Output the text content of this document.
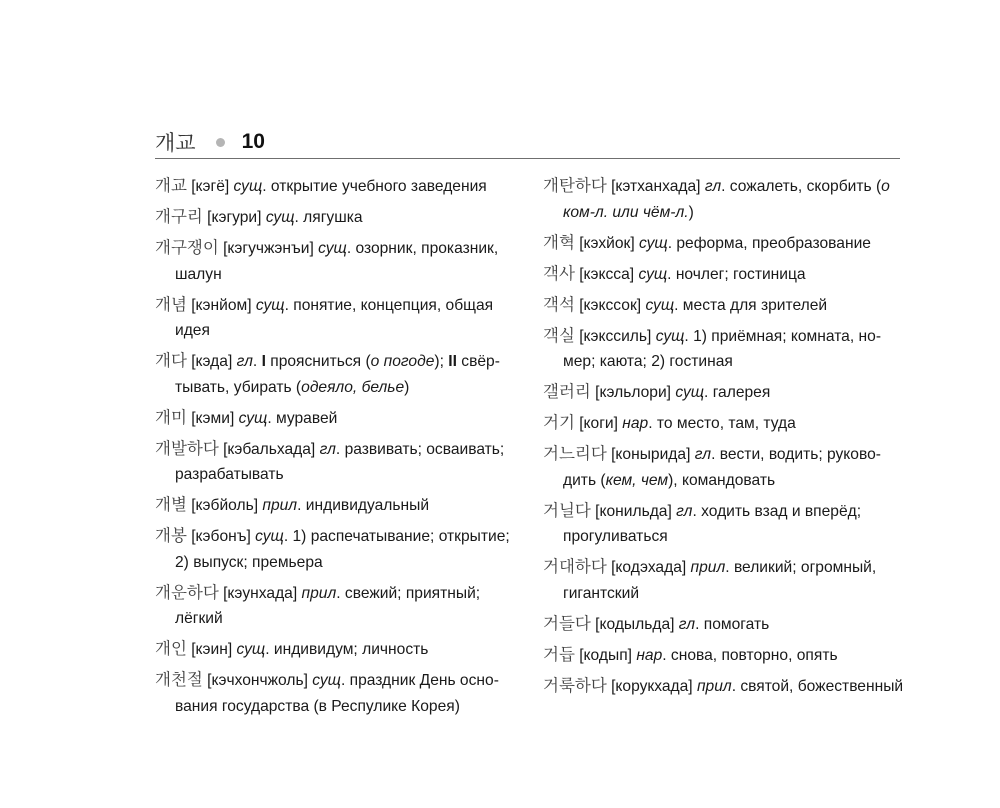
개교 10
개교 [кэгё] сущ. открытие учебного заведения
개구리 [кэгури] сущ. лягушка
개구쟁이 [кэгучжэнъи] сущ. озорник, проказник, шалун
개념 [кэнйом] сущ. понятие, концепция, общая идея
개다 [кэда] гл. I проясниться (о погоде); II свёртывать, убирать (одеяло, белье)
개미 [кэми] сущ. муравей
개발하다 [кэбальхада] гл. развивать; осваивать; разрабатывать
개별 [кэбйоль] прил. индивидуальный
개봉 [кэбонъ] сущ. 1) распечатывание; открытие; 2) выпуск; премьера
개운하다 [кэунхада] прил. свежий; приятный; лёгкий
개인 [кэин] сущ. индивидум; личность
개천절 [кэчхончжоль] сущ. праздник День основания государства (в Респулике Корея)
개탄하다 [кэтханхада] гл. сожалеть, скорбить (о ком-л. или чём-л.)
개혁 [кэхйок] сущ. реформа, преобразование
객사 [кэксса] сущ. ночлег; гостиница
객석 [кэкссок] сущ. места для зрителей
객실 [кэкссиль] сущ. 1) приёмная; комната, номер; каюта; 2) гостиная
갤러리 [кэльлори] сущ. галерея
거기 [коги] нар. то место, там, туда
거느리다 [конырида] гл. вести, водить; руководить (кем, чем), командовать
거닐다 [конильда] гл. ходить взад и вперёд; прогуливаться
거대하다 [кодэхада] прил. великий; огромный, гигантский
거들다 [кодыльда] гл. помогать
거듭 [кодып] нар. снова, повторно, опять
거룩하다 [корукхада] прил. святой, божественный
